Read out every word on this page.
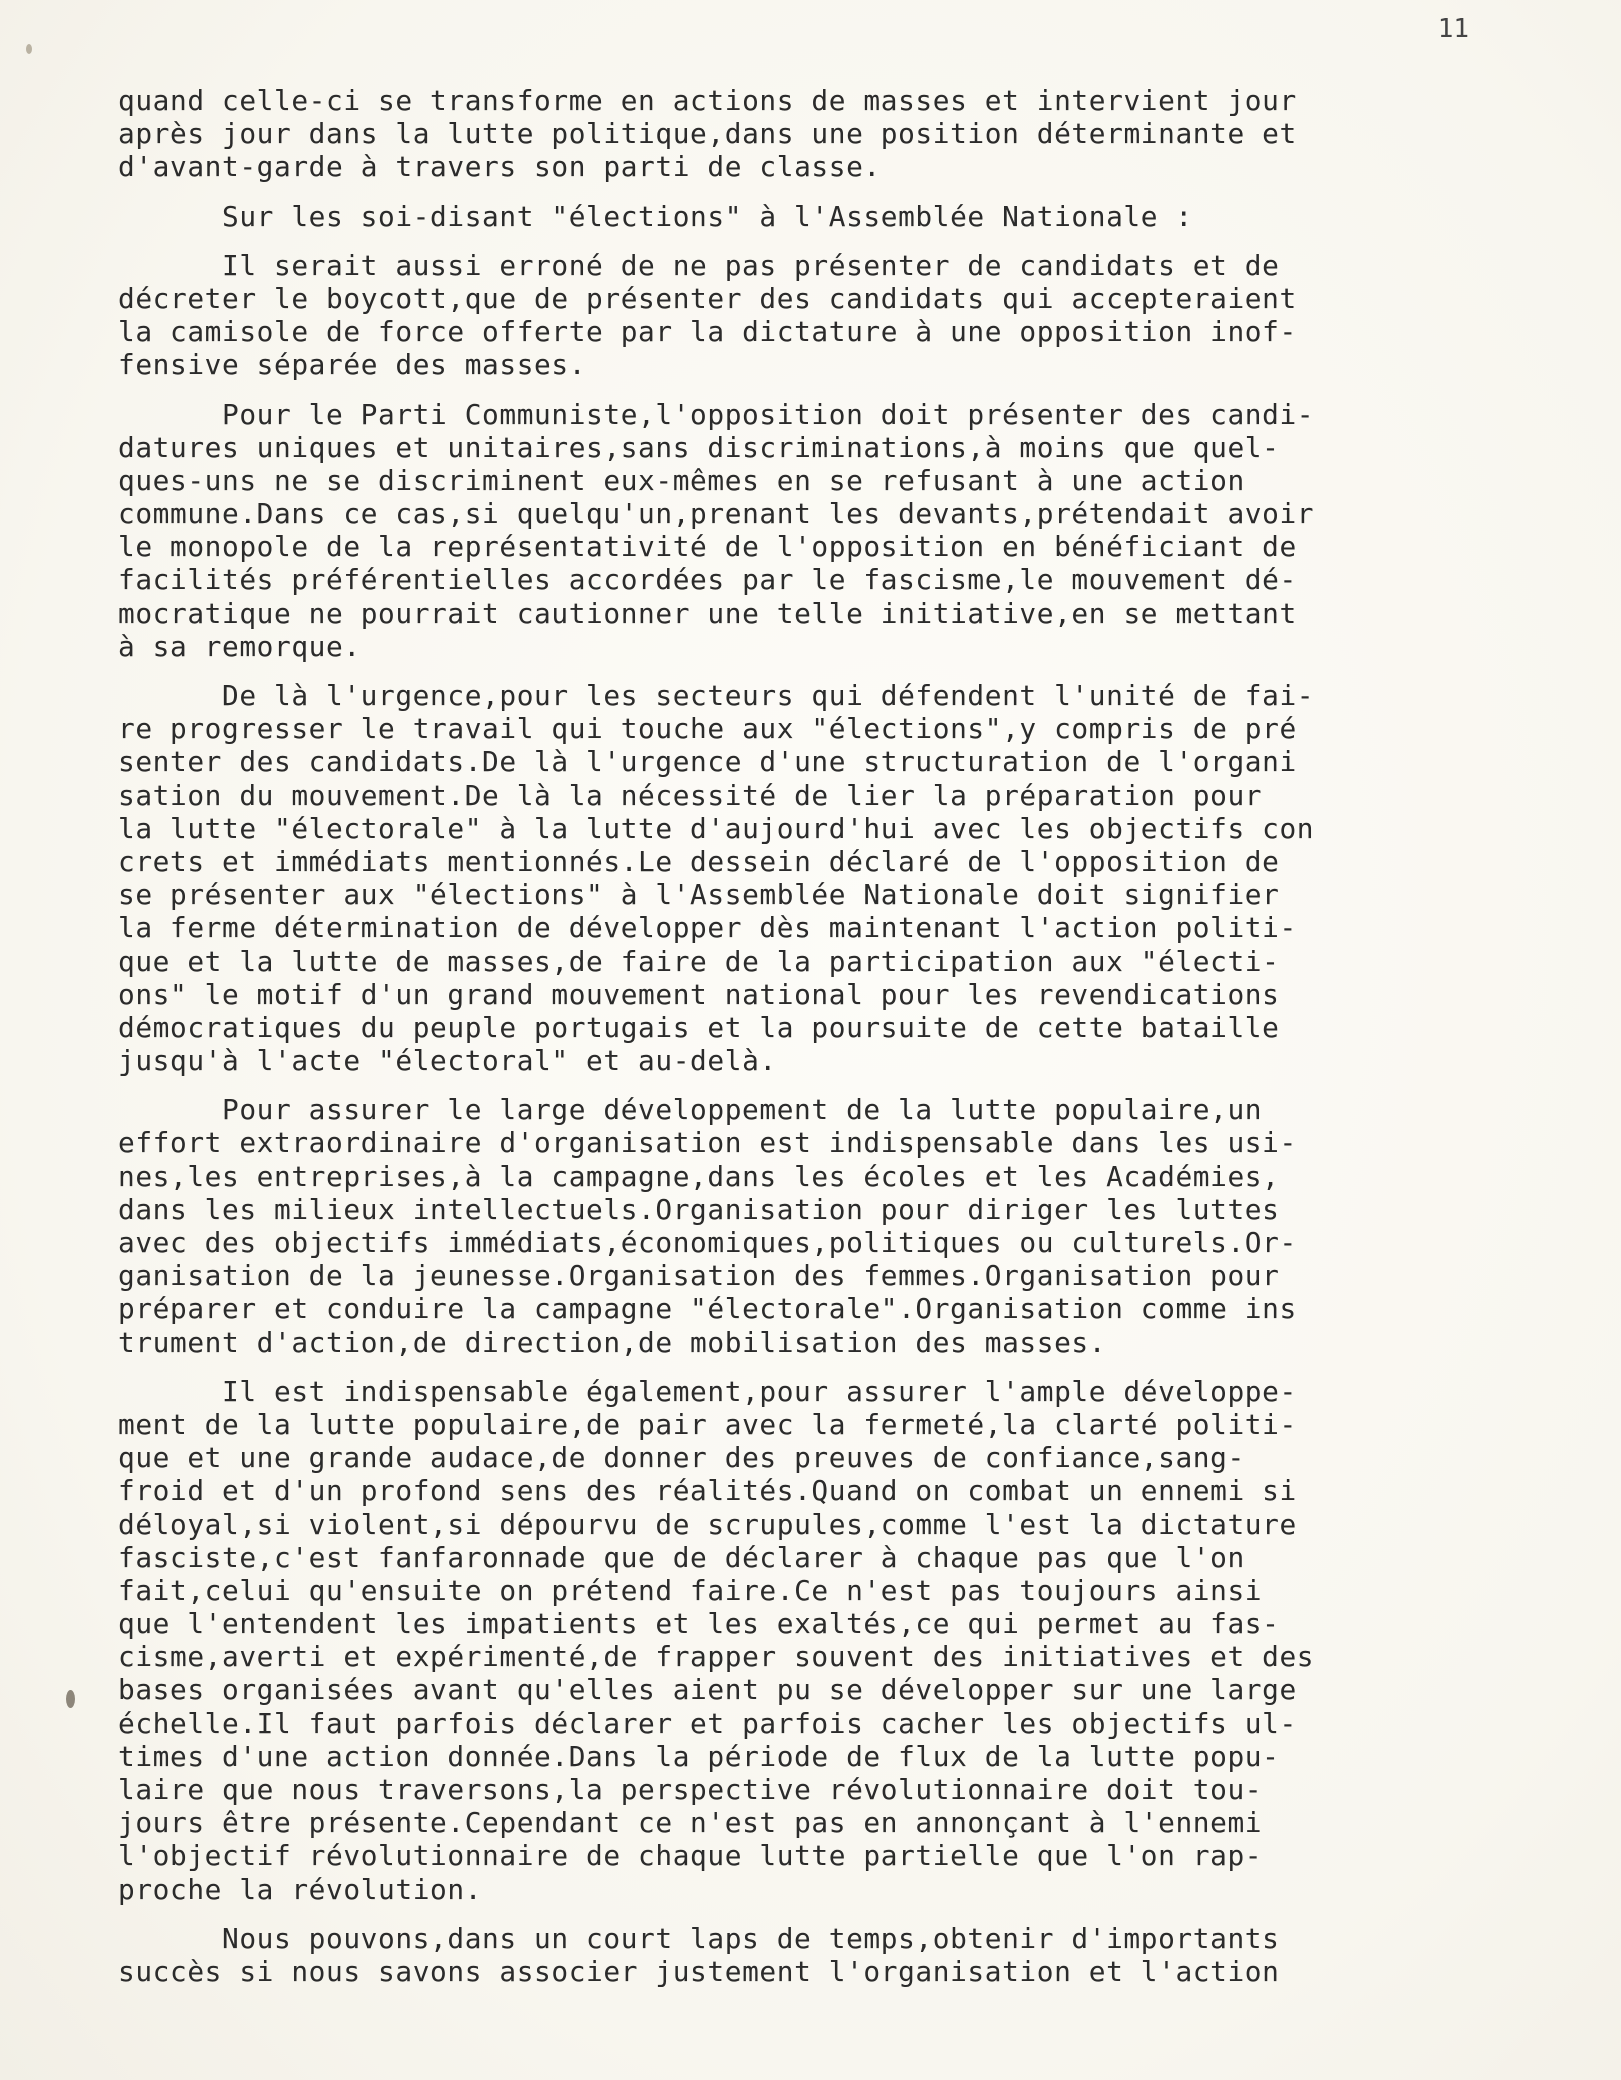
11
quand celle-ci se transforme en actions de masses et intervient jour
après jour dans la lutte politique,dans une position déterminante et
d'avant-garde à travers son parti de classe.
Sur les soi-disant "élections" à l'Assemblée Nationale :
Il serait aussi erroné de ne pas présenter de candidats et de
décreter le boycott,que de présenter des candidats qui accepteraient
la camisole de force offerte par la dictature à une opposition inof-
fensive séparée des masses.
Pour le Parti Communiste,l'opposition doit présenter des candi-
datures uniques et unitaires,sans discriminations,à moins que quel-
ques-uns ne se discriminent eux-mêmes en se refusant à une action
commune.Dans ce cas,si quelqu'un,prenant les devants,prétendait avoir
le monopole de la représentativité de l'opposition en bénéficiant de
facilités préférentielles accordées par le fascisme,le mouvement dé-
mocratique ne pourrait cautionner une telle initiative,en se mettant
à sa remorque.
De là l'urgence,pour les secteurs qui défendent l'unité de fai-
re progresser le travail qui touche aux "élections",y compris de pré
senter des candidats.De là l'urgence d'une structuration de l'organi
sation du mouvement.De là la nécessité de lier la préparation pour
la lutte "électorale" à la lutte d'aujourd'hui avec les objectifs con
crets et immédiats mentionnés.Le dessein déclaré de l'opposition de
se présenter aux "élections" à l'Assemblée Nationale doit signifier
la ferme détermination de développer dès maintenant l'action politi-
que et la lutte de masses,de faire de la participation aux "électi-
ons" le motif d'un grand mouvement national pour les revendications
démocratiques du peuple portugais et la poursuite de cette bataille
jusqu'à l'acte "électoral" et au-delà.
Pour assurer le large développement de la lutte populaire,un
effort extraordinaire d'organisation est indispensable dans les usi-
nes,les entreprises,à la campagne,dans les écoles et les Académies,
dans les milieux intellectuels.Organisation pour diriger les luttes
avec des objectifs immédiats,économiques,politiques ou culturels.Or-
ganisation de la jeunesse.Organisation des femmes.Organisation pour
préparer et conduire la campagne "électorale".Organisation comme ins
trument d'action,de direction,de mobilisation des masses.
Il est indispensable également,pour assurer l'ample développe-
ment de la lutte populaire,de pair avec la fermeté,la clarté politi-
que et une grande audace,de donner des preuves de confiance,sang-
froid et d'un profond sens des réalités.Quand on combat un ennemi si
déloyal,si violent,si dépourvu de scrupules,comme l'est la dictature
fasciste,c'est fanfaronnade que de déclarer à chaque pas que l'on
fait,celui qu'ensuite on prétend faire.Ce n'est pas toujours ainsi
que l'entendent les impatients et les exaltés,ce qui permet au fas-
cisme,averti et expérimenté,de frapper souvent des initiatives et des
bases organisées avant qu'elles aient pu se développer sur une large
échelle.Il faut parfois déclarer et parfois cacher les objectifs ul-
times d'une action donnée.Dans la période de flux de la lutte popu-
laire que nous traversons,la perspective révolutionnaire doit tou-
jours être présente.Cependant ce n'est pas en annonçant à l'ennemi
l'objectif révolutionnaire de chaque lutte partielle que l'on rap-
proche la révolution.
Nous pouvons,dans un court laps de temps,obtenir d'importants
succès si nous savons associer justement l'organisation et l'action
